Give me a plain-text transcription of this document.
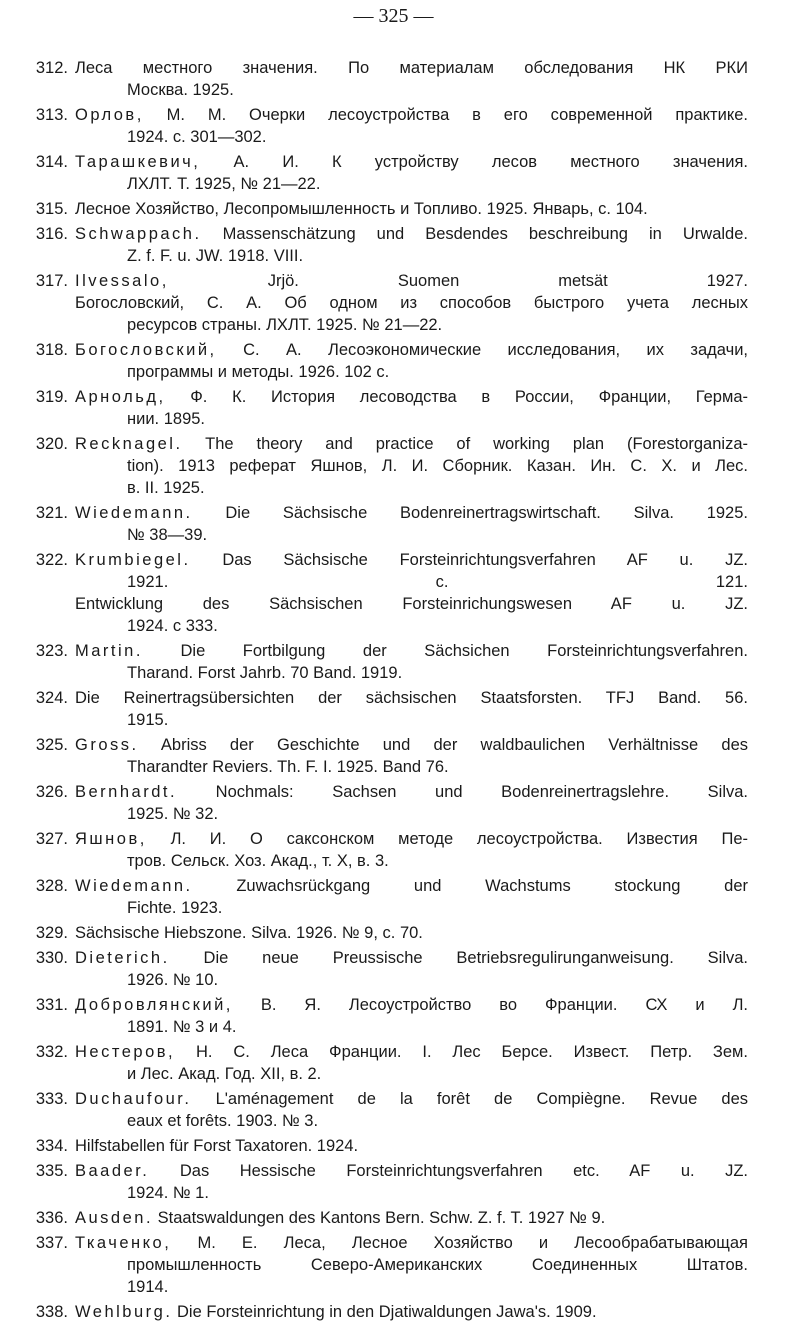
— 325 —
312. Леса местного значения. По материалам обследования НК РКИ
Москва. 1925.
313. Орлов, М. М. Очерки лесоустройства в его современной практике.
1924. с. 301—302.
314. Тарашкевич, А. И. К устройству лесов местного значения.
ЛХЛТ. Т. 1925, № 21—22.
315. Лесное Хозяйство, Лесопромышленность и Топливо. 1925. Январь, с. 104.
316. Schwappach. Massenschätzung und Besdendes beschreibung in Urwalde.
Z. f. F. u. JW. 1918. VIII.
317. Ilvessalo, Jrjö. Suomen metsät 1927.
Богословский, С. А. Об одном из способов быстрого учета лесных
ресурсов страны. ЛХЛТ. 1925. № 21—22.
318. Богословский, С. А. Лесоэкономические исследования, их задачи,
программы и методы. 1926. 102 с.
319. Арнольд, Ф. К. История лесоводства в России, Франции, Герма-
нии. 1895.
320. Recknagel. The theory and practice of working plan (Forestorganiza-
tion). 1913 реферат Яшнов, Л. И. Сборник. Казан. Ин. С. Х. и Лес.
в. II. 1925.
321. Wiedemann. Die Sächsische Bodenreinertragswirtschaft. Silva. 1925.
№ 38—39.
322. Krumbiegel. Das Sächsische Forsteinrichtungsverfahren AF u. JZ.
1921. с. 121.
Entwicklung des Sächsischen Forsteinrichungswesen AF u. JZ.
1924. с 333.
323. Martin. Die Fortbilgung der Sächsichen Forsteinrichtungsverfahren.
Tharand. Forst Jahrb. 70 Band. 1919.
324. Die Reinertragsübersichten der sächsischen Staatsforsten. TFJ Band. 56.
1915.
325. Gross. Abriss der Geschichte und der waldbaulichen Verhältnisse des
Tharandter Reviers. Th. F. I. 1925. Band 76.
326. Bernhardt. Nochmals: Sachsen und Bodenreinertragslehre. Silva.
1925. № 32.
327. Яшнов, Л. И. О саксонском методе лесоустройства. Известия Пе-
тров. Сельск. Хоз. Акад., т. X, в. 3.
328. Wiedemann. Zuwachsrückgang und Wachstums stockung der
Fichte. 1923.
329. Sächsische Hiebszone. Silva. 1926. № 9, с. 70.
330. Dieterich. Die neue Preussische Betriebsregulirunganweisung. Silva.
1926. № 10.
331. Добровлянский, В. Я. Лесоустройство во Франции. СХ и Л.
1891. № 3 и 4.
332. Нестеров, Н. С. Леса Франции. I. Лес Берсе. Извест. Петр. Зем.
и Лес. Акад. Год. XII, в. 2.
333. Duchaufour. L'aménagement de la forêt de Compiègne. Revue des
eaux et forêts. 1903. № 3.
334. Hilfstabellen für Forst Taxatoren. 1924.
335. Baader. Das Hessische Forsteinrichtungsverfahren etc. AF u. JZ.
1924. № 1.
336. Ausden. Staatswaldungen des Kantons Bern. Schw. Z. f. T. 1927 № 9.
337. Ткаченко, М. Е. Леса, Лесное Хозяйство и Лесообрабатывающая
промышленность Северо-Американских Соединенных Штатов.
1914.
338. Wehlburg. Die Forsteinrichtung in den Djatiwaldungen Jawa's. 1909.
